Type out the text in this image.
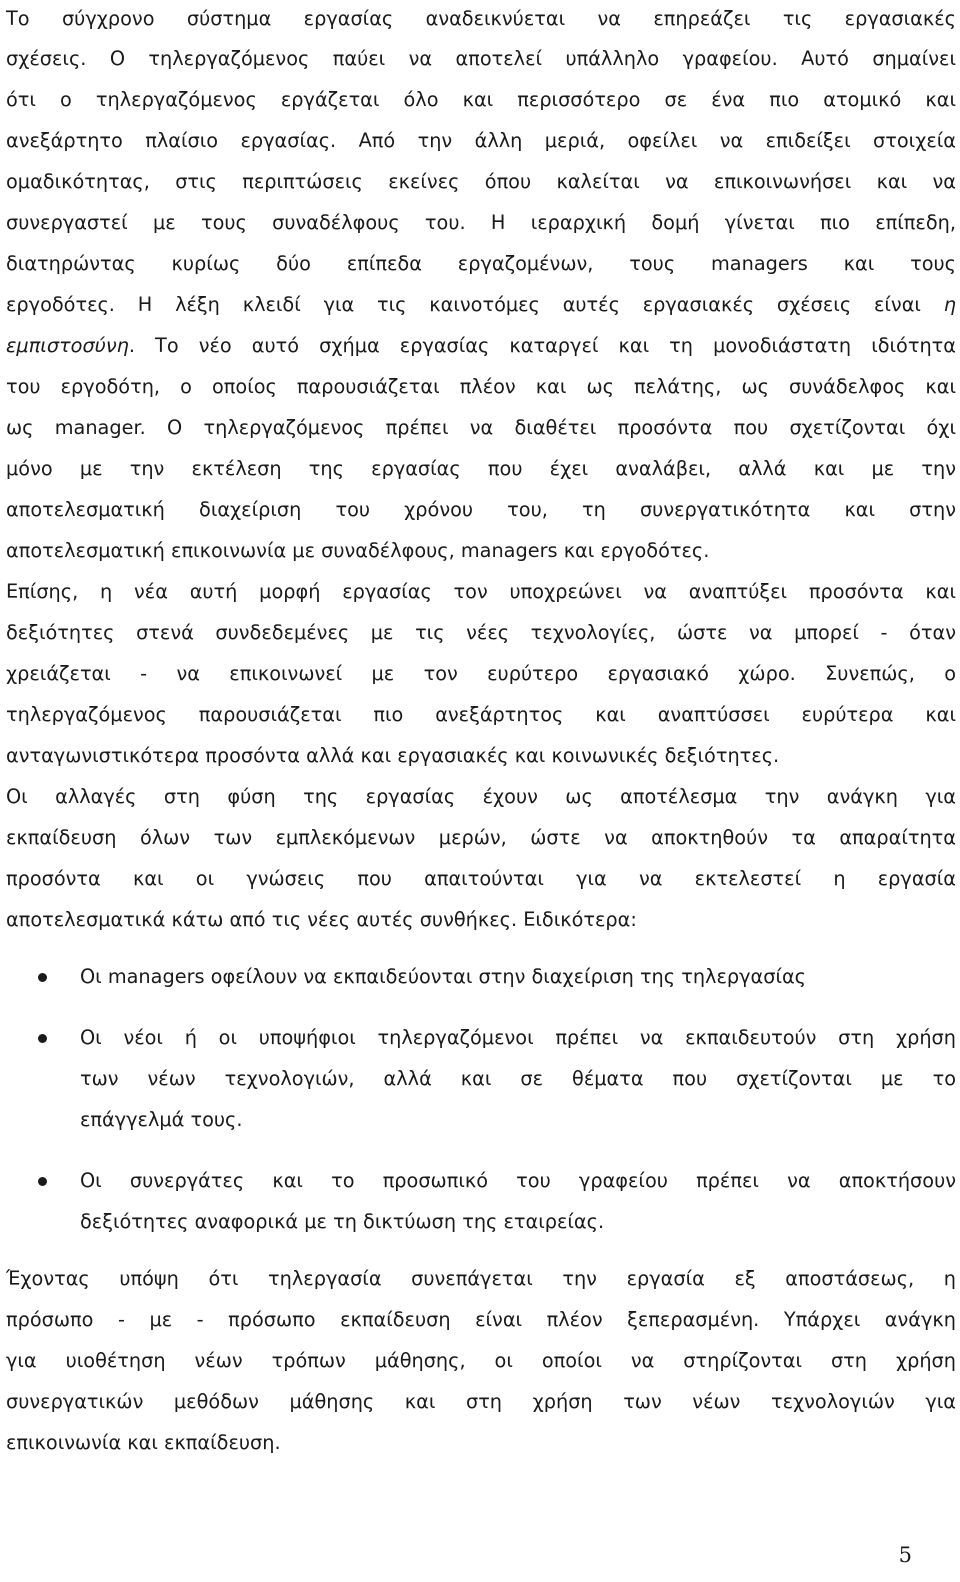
Το σύγχρονο σύστημα εργασίας αναδεικνύεται να επηρεάζει τις εργασιακές
σχέσεις. Ο τηλεργαζόμενος παύει να αποτελεί υπάλληλο γραφείου. Αυτό σημαίνει
ότι ο τηλεργαζόμενος εργάζεται όλο και περισσότερο σε ένα πιο ατομικό και
ανεξάρτητο πλαίσιο εργασίας. Από την άλλη μεριά, οφείλει να επιδείξει στοιχεία
ομαδικότητας, στις περιπτώσεις εκείνες όπου καλείται να επικοινωνήσει και να
συνεργαστεί με τους συναδέλφους του. Η ιεραρχική δομή γίνεται πιο επίπεδη,
διατηρώντας κυρίως δύο επίπεδα εργαζομένων, τους managers και τους
εργοδότες. Η λέξη κλειδί για τις καινοτόμες αυτές εργασιακές σχέσεις είναι η
εμπιστοσύνη. Το νέο αυτό σχήμα εργασίας καταργεί και τη μονοδιάστατη ιδιότητα
του εργοδότη, ο οποίος παρουσιάζεται πλέον και ως πελάτης, ως συνάδελφος και
ως manager. Ο τηλεργαζόμενος πρέπει να διαθέτει προσόντα που σχετίζονται όχι
μόνο με την εκτέλεση της εργασίας που έχει αναλάβει, αλλά και με την
αποτελεσματική διαχείριση του χρόνου του, τη συνεργατικότητα και στην
αποτελεσματική επικοινωνία με συναδέλφους, managers και εργοδότες.
Επίσης, η νέα αυτή μορφή εργασίας τον υποχρεώνει να αναπτύξει προσόντα και
δεξιότητες στενά συνδεδεμένες με τις νέες τεχνολογίες, ώστε να μπορεί - όταν
χρειάζεται - να επικοινωνεί με τον ευρύτερο εργασιακό χώρο. Συνεπώς, ο
τηλεργαζόμενος παρουσιάζεται πιο ανεξάρτητος και αναπτύσσει ευρύτερα και
ανταγωνιστικότερα προσόντα αλλά και εργασιακές και κοινωνικές δεξιότητες.
Οι αλλαγές στη φύση της εργασίας έχουν ως αποτέλεσμα την ανάγκη για
εκπαίδευση όλων των εμπλεκόμενων μερών, ώστε να αποκτηθούν τα απαραίτητα
προσόντα και οι γνώσεις που απαιτούνται για να εκτελεστεί η εργασία
αποτελεσματικά κάτω από τις νέες αυτές συνθήκες. Ειδικότερα:
Οι managers οφείλουν να εκπαιδεύονται στην διαχείριση της τηλεργασίας
Οι νέοι ή οι υποψήφιοι τηλεργαζόμενοι πρέπει να εκπαιδευτούν στη χρήση
των νέων τεχνολογιών, αλλά και σε θέματα που σχετίζονται με το
επάγγελμά τους.
Οι συνεργάτες και το προσωπικό του γραφείου πρέπει να αποκτήσουν
δεξιότητες αναφορικά με τη δικτύωση της εταιρείας.
Έχοντας υπόψη ότι τηλεργασία συνεπάγεται την εργασία εξ αποστάσεως, η
πρόσωπο - με - πρόσωπο εκπαίδευση είναι πλέον ξεπερασμένη. Υπάρχει ανάγκη
για υιοθέτηση νέων τρόπων μάθησης, οι οποίοι να στηρίζονται στη χρήση
συνεργατικών μεθόδων μάθησης και στη χρήση των νέων τεχνολογιών για
επικοινωνία και εκπαίδευση.
5
